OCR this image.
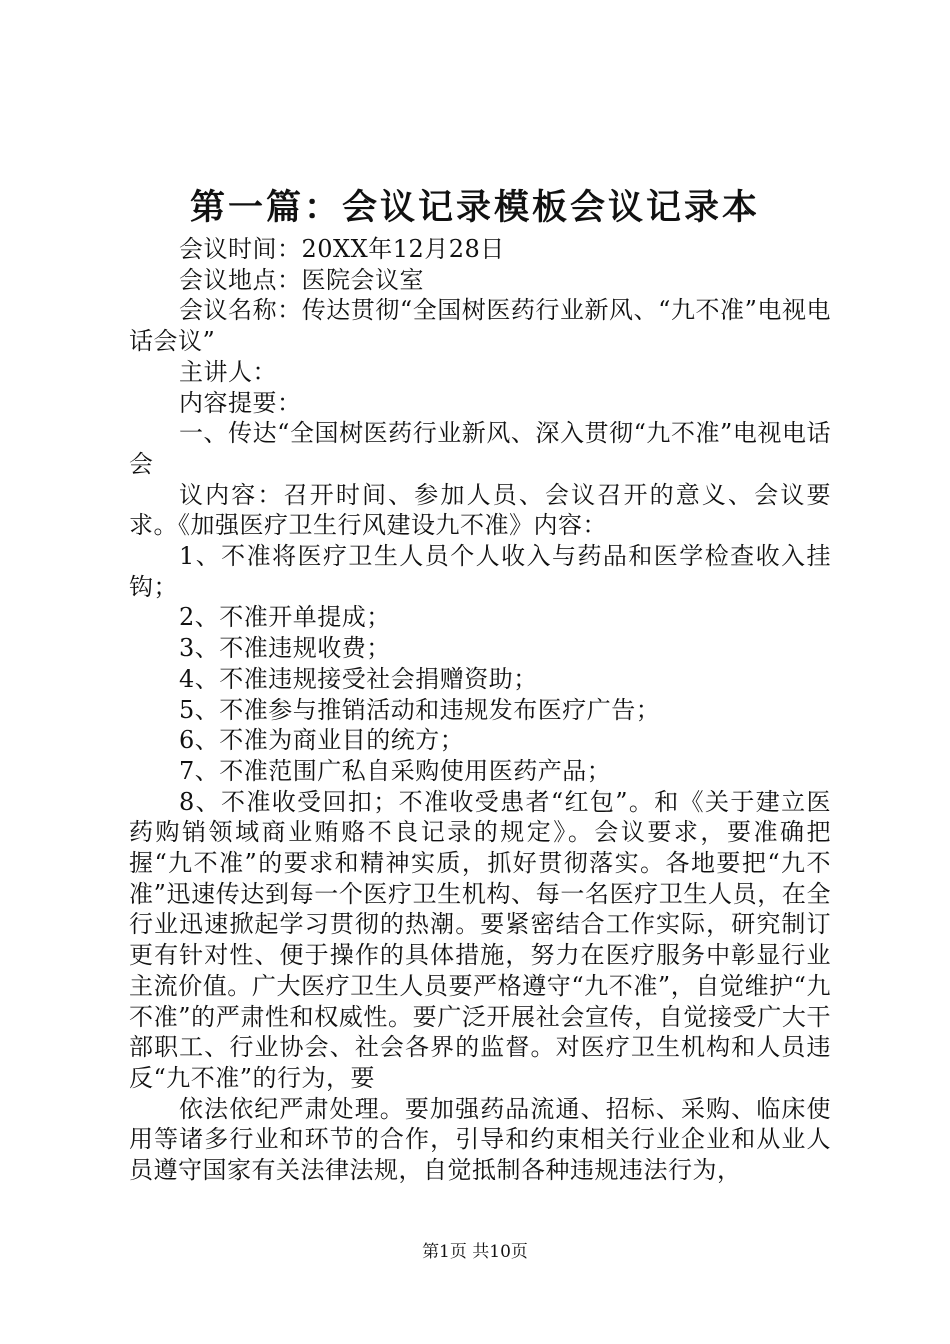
第一篇：会议记录模板会议记录本

会议时间：20XX年12月28日

会议地点：医院会议室

会议名称：传达贯彻“全国树医药行业新风、“九不准”电视电话会议”

主讲人：

内容提要：

一、传达“全国树医药行业新风、深入贯彻“九不准”电视电话会

议内容：召开时间、参加人员、会议召开的意义、会议要求。《加强医疗卫生行风建设九不准》内容：

1、不准将医疗卫生人员个人收入与药品和医学检查收入挂钩；

2、不准开单提成；

3、不准违规收费；

4、不准违规接受社会捐赠资助；

5、不准参与推销活动和违规发布医疗广告；

6、不准为商业目的统方；

7、不准范围广私自采购使用医药产品；

8、不准收受回扣；不准收受患者“红包”。和《关于建立医药购销领域商业贿赂不良记录的规定》。会议要求，要准确把握“九不准”的要求和精神实质，抓好贯彻落实。各地要把“九不准”迅速传达到每一个医疗卫生机构、每一名医疗卫生人员，在全行业迅速掀起学习贯彻的热潮。要紧密结合工作实际，研究制订更有针对性、便于操作的具体措施，努力在医疗服务中彰显行业主流价值。广大医疗卫生人员要严格遵守“九不准”，自觉维护“九不准”的严肃性和权威性。要广泛开展社会宣传，自觉接受广大干部职工、行业协会、社会各界的监督。对医疗卫生机构和人员违反“九不准”的行为，要

依法依纪严肃处理。要加强药品流通、招标、采购、临床使用等诸多行业和环节的合作，引导和约束相关行业企业和从业人员遵守国家有关法律法规，自觉抵制各种违规违法行为，

第1页 共10页
